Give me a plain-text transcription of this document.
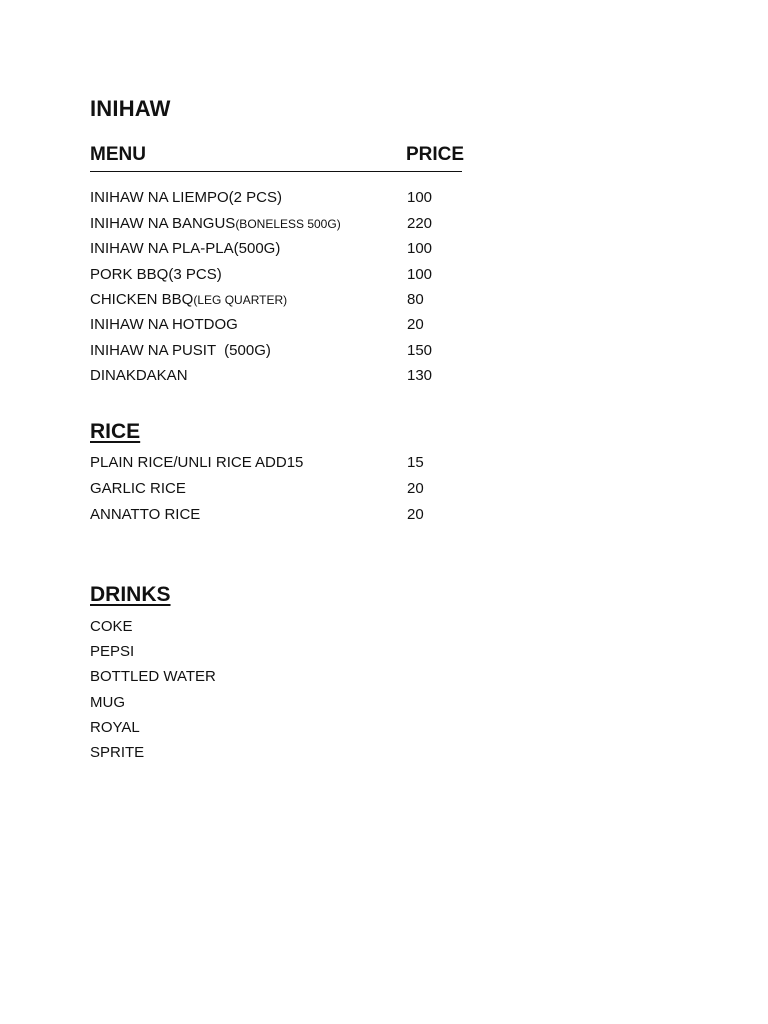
INIHAW
MENU	PRICE
INIHAW NA LIEMPO(2 PCS)	100
INIHAW NA BANGUS(BONELESS 500G)	220
INIHAW NA PLA-PLA(500G)	100
PORK BBQ(3 PCS)	100
CHICKEN BBQ(LEG QUARTER)	80
INIHAW NA HOTDOG	20
INIHAW NA PUSIT  (500G)	150
DINAKDAKAN	130
RICE
PLAIN RICE/UNLI RICE ADD15	15
GARLIC RICE	20
ANNATTO RICE	20
DRINKS
COKE
PEPSI
BOTTLED WATER
MUG
ROYAL
SPRITE
